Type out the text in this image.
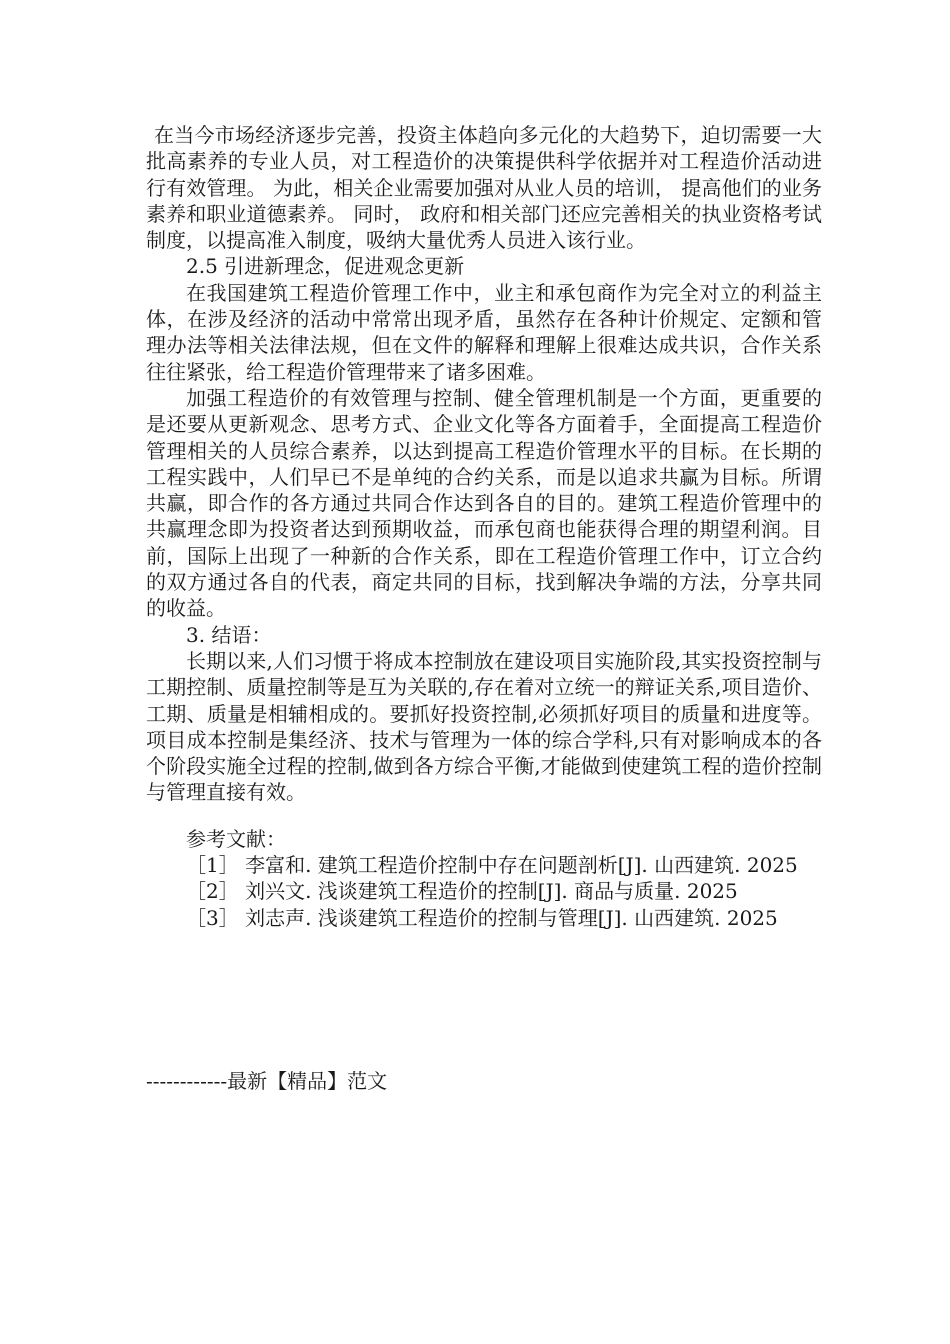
在当今市场经济逐步完善，投资主体趋向多元化的大趋势下，迫切需要一大批高素养的专业人员，对工程造价的决策提供科学依据并对工程造价活动进行有效管理。 为此，相关企业需要加强对从业人员的培训， 提高他们的业务素养和职业道德素养。 同时， 政府和相关部门还应完善相关的执业资格考试制度，以提高准入制度，吸纳大量优秀人员进入该行业。

2.5 引进新理念，促进观念更新

在我国建筑工程造价管理工作中，业主和承包商作为完全对立的利益主体，在涉及经济的活动中常常出现矛盾，虽然存在各种计价规定、定额和管理办法等相关法律法规，但在文件的解释和理解上很难达成共识，合作关系往往紧张，给工程造价管理带来了诸多困难。

加强工程造价的有效管理与控制、健全管理机制是一个方面，更重要的是还要从更新观念、思考方式、企业文化等各方面着手，全面提高工程造价管理相关的人员综合素养，以达到提高工程造价管理水平的目标。在长期的工程实践中，人们早已不是单纯的合约关系，而是以追求共赢为目标。所谓共赢，即合作的各方通过共同合作达到各自的目的。建筑工程造价管理中的共赢理念即为投资者达到预期收益，而承包商也能获得合理的期望利润。目前，国际上出现了一种新的合作关系，即在工程造价管理工作中，订立合约的双方通过各自的代表，商定共同的目标，找到解决争端的方法，分享共同的收益。

3. 结语：

长期以来,人们习惯于将成本控制放在建设项目实施阶段,其实投资控制与工期控制、质量控制等是互为关联的,存在着对立统一的辩证关系,项目造价、工期、质量是相辅相成的。要抓好投资控制,必须抓好项目的质量和进度等。项目成本控制是集经济、技术与管理为一体的综合学科,只有对影响成本的各个阶段实施全过程的控制,做到各方综合平衡,才能做到使建筑工程的造价控制与管理直接有效。

参考文献：

［1］ 李富和. 建筑工程造价控制中存在问题剖析[J]. 山西建筑. 2025

［2］ 刘兴文. 浅谈建筑工程造价的控制[J]. 商品与质量. 2025

［3］ 刘志声. 浅谈建筑工程造价的控制与管理[J]. 山西建筑. 2025

------------最新【精品】范文
